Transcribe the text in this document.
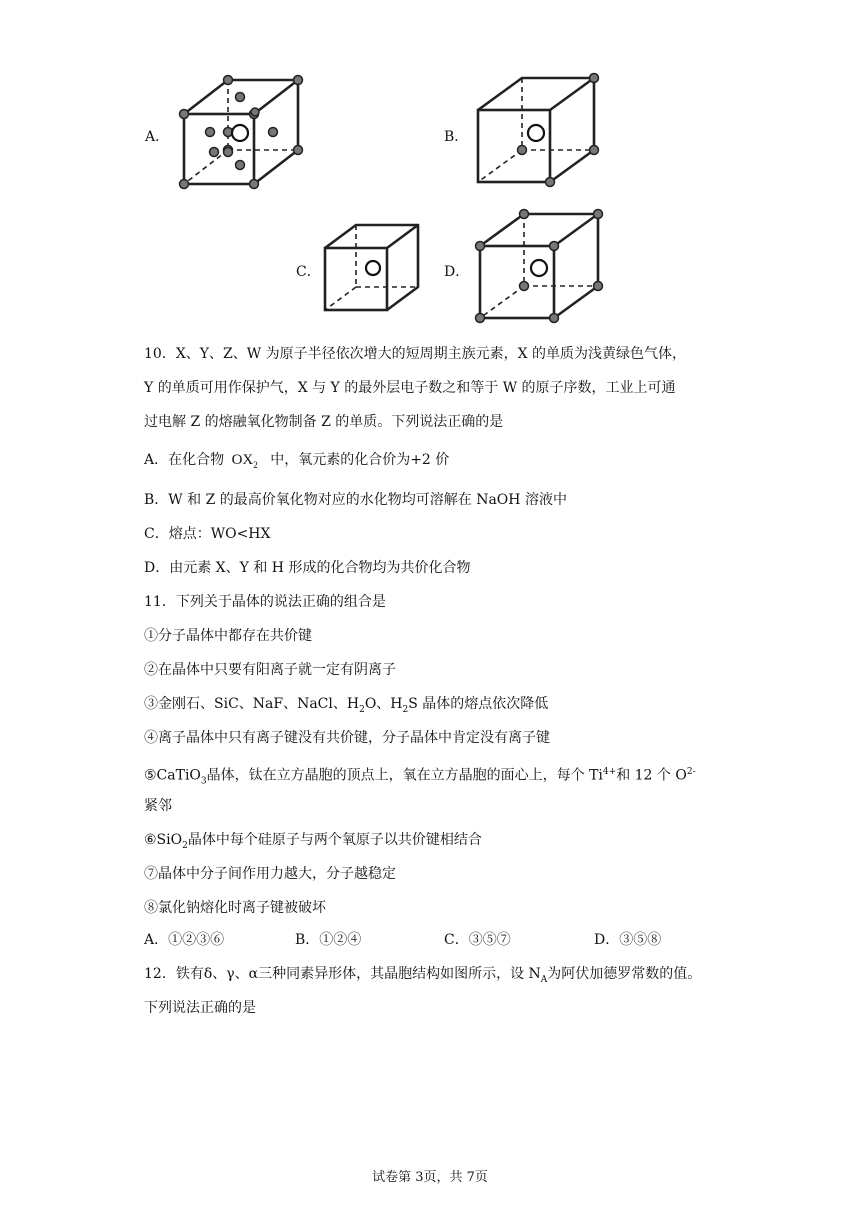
A．	B．
C．	D．
10．X、Y、Z、W 为原子半径依次增大的短周期主族元素，X 的单质为浅黄绿色气体，
Y 的单质可用作保护气，X 与 Y 的最外层电子数之和等于 W 的原子序数，工业上可通
过电解 Z 的熔融氧化物制备 Z 的单质。下列说法正确的是
A．在化合物 $OX_2$ 中，氧元素的化合价为+2 价
B．W 和 Z 的最高价氧化物对应的水化物均可溶解在 NaOH 溶液中
C．熔点：WO<HX
D．由元素 X、Y 和 H 形成的化合物均为共价化合物
11．下列关于晶体的说法正确的组合是
①分子晶体中都存在共价键
②在晶体中只要有阳离子就一定有阴离子
③金刚石、SiC、NaF、NaCl、$H_2O$、$H_2S$ 晶体的熔点依次降低
④离子晶体中只有离子键没有共价键，分子晶体中肯定没有离子键
⑤CaTiO$_3$晶体，钛在立方晶胞的顶点上，氧在立方晶胞的面心上，每个 $Ti^{4+}$和 12 个 $O^{2-}$
紧邻
⑥SiO$_2$晶体中每个硅原子与两个氧原子以共价键相结合
⑦晶体中分子间作用力越大，分子越稳定
⑧氯化钠熔化时离子键被破坏
A．①②③⑥	B．①②④	C．③⑤⑦	D．③⑤⑧
12．铁有δ、γ、α三种同素异形体，其晶胞结构如图所示，设 $N_A$为阿伏加德罗常数的值。
下列说法正确的是
试卷第 3页，共 7页
